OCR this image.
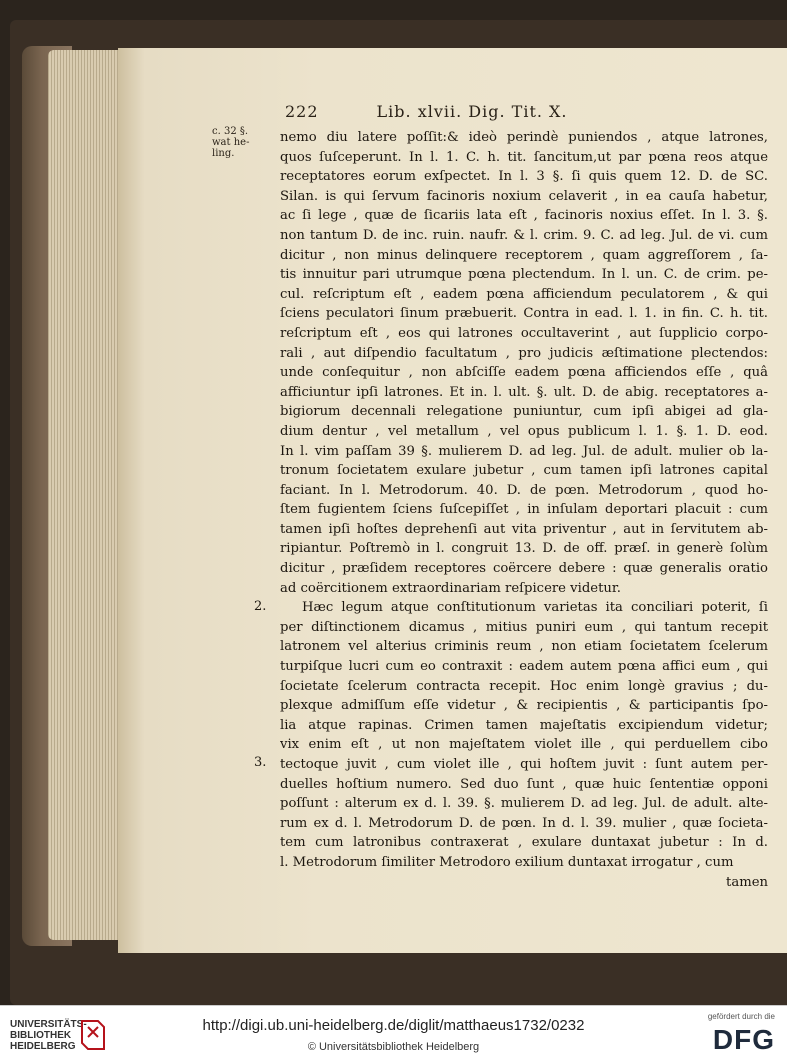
222	Lib. xlvii. Dig. Tit. X.
c. 32 §.
wat he-
ling.
2.
3.
nemo diu latere poſſit:& ideò perindè puniendos , atque latrones,
quos ſuſceperunt. In l. 1. C. h. tit. ſancitum,ut par pœna reos atque
receptatores eorum exſpectet. In l. 3 §. ſi quis quem 12. D. de SC.
Silan. is qui ſervum facinoris noxium celaverit , in ea cauſa habetur,
ac ſi lege , quæ de ſicariis lata eſt , facinoris noxius eſſet. In l. 3. §.
non tantum D. de inc. ruin. naufr. & l. crim. 9. C. ad leg. Jul. de vi. cum
dicitur , non minus delinquere receptorem , quam aggreſſorem , ſa-
tis innuitur pari utrumque pœna plectendum. In l. un. C. de crim. pe-
cul. reſcriptum eſt , eadem pœna afficiendum peculatorem , & qui
ſciens peculatori ſinum præbuerit. Contra in ead. l. 1. in fin. C. h. tit.
reſcriptum eſt , eos qui latrones occultaverint , aut ſupplicio corpo-
rali , aut diſpendio facultatum , pro judicis æſtimatione plectendos:
unde conſequitur , non abſciſſe eadem pœna afficiendos eſſe , quâ
afficiuntur ipſi latrones. Et in. l. ult. §. ult. D. de abig. receptatores a-
bigiorum decennali relegatione puniuntur, cum ipſi abigei ad gla-
dium dentur , vel metallum , vel opus publicum l. 1. §. 1. D. eod.
In l. vim paſſam 39 §. mulierem D. ad leg. Jul. de adult. mulier ob la-
tronum ſocietatem exulare jubetur , cum tamen ipſi latrones capital
faciant. In l. Metrodorum. 40. D. de pœn. Metrodorum , quod ho-
ſtem fugientem ſciens ſuſcepiſſet , in inſulam deportari placuit : cum
tamen ipſi hoſtes deprehenſi aut vita priventur , aut in ſervitutem ab-
ripiantur. Poſtremò in l. congruit 13. D. de off. præſ. in generè ſolùm
dicitur , præſidem receptores coërcere debere : quæ generalis oratio
ad coërcitionem extraordinariam reſpicere videtur.
Hæc legum atque conſtitutionum varietas ita conciliari poterit, ſi
per diſtinctionem dicamus , mitius puniri eum , qui tantum recepit
latronem vel alterius criminis reum , non etiam ſocietatem ſcelerum
turpiſque lucri cum eo contraxit : eadem autem pœna affici eum , qui
ſocietate ſcelerum contracta recepit. Hoc enim longè gravius ; du-
plexque admiſſum eſſe videtur , & recipientis , & participantis ſpo-
lia atque rapinas. Crimen tamen majeſtatis excipiendum videtur;
vix enim eſt , ut non majeſtatem violet ille , qui perduellem cibo
tectoque juvit , cum violet ille , qui hoſtem juvit : ſunt autem per-
duelles hoſtium numero. Sed duo ſunt , quæ huic ſententiæ opponi
poſſunt : alterum ex d. l. 39. §. mulierem D. ad leg. Jul. de adult. alte-
rum ex d. l. Metrodorum D. de pœn. In d. l. 39. mulier , quæ ſocieta-
tem cum latronibus contraxerat , exulare duntaxat jubetur : In d.
l. Metrodorum ſimiliter Metrodoro exilium duntaxat irrogatur , cum
tamen
UNIVERSITÄTS-
BIBLIOTHEK
HEIDELBERG
http://digi.ub.uni-heidelberg.de/diglit/matthaeus1732/0232
© Universitätsbibliothek Heidelberg
gefördert durch die
DFG
